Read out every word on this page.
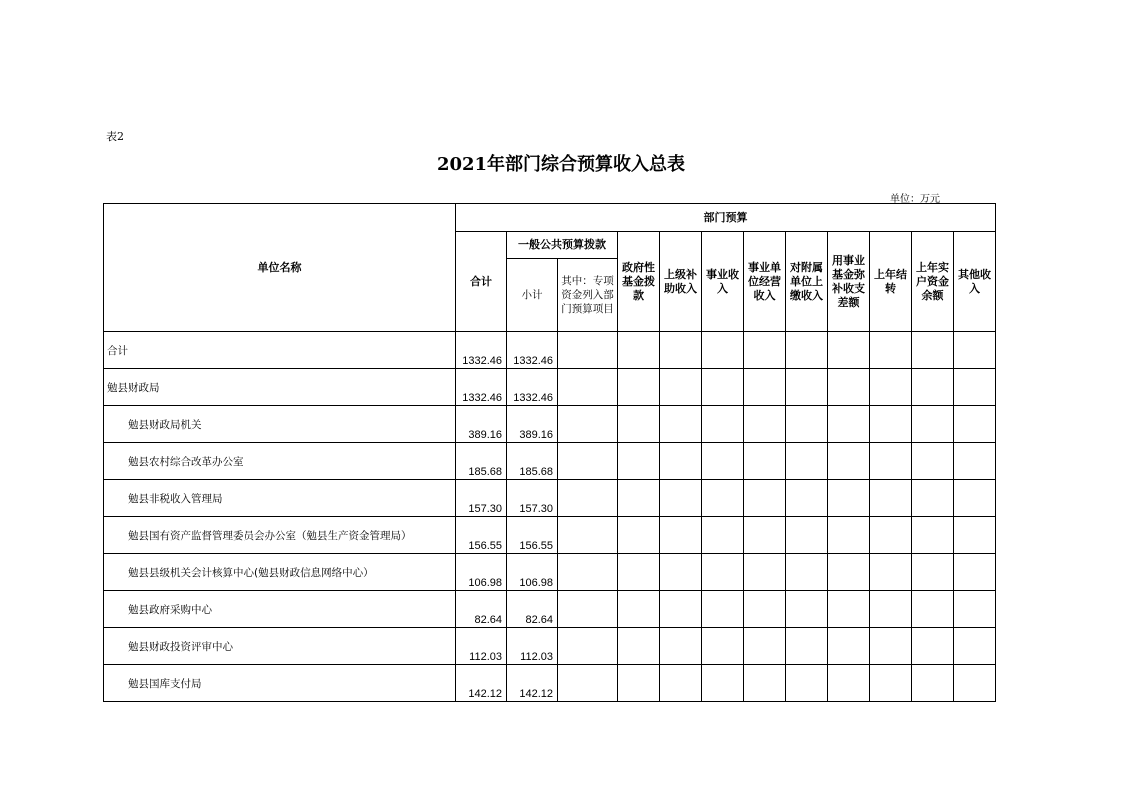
表2
2021年部门综合预算收入总表
单位：万元
单位名称	部门预算											
	合计	一般公共预算拨款		政府性基金拨款	上级补助收入	事业收入	事业单位经营收入	对附属单位上缴收入	用事业基金弥补收支差额	上年结转	上年实户资金余额	其他收入
		小计	其中：专项资金列入部门预算项目									

合计	1332.46	1332.46										

勉县财政局	1332.46	1332.46										

勉县财政局机关	389.16	389.16										

勉县农村综合改革办公室	185.68	185.68										

勉县非税收入管理局	157.30	157.30										

勉县国有资产监督管理委员会办公室（勉县生产资金管理局）	156.55	156.55										

勉县县级机关会计核算中心(勉县财政信息网络中心）	106.98	106.98										

勉县政府采购中心	82.64	82.64										

勉县财政投资评审中心	112.03	112.03										

勉县国库支付局	142.12	142.12										
